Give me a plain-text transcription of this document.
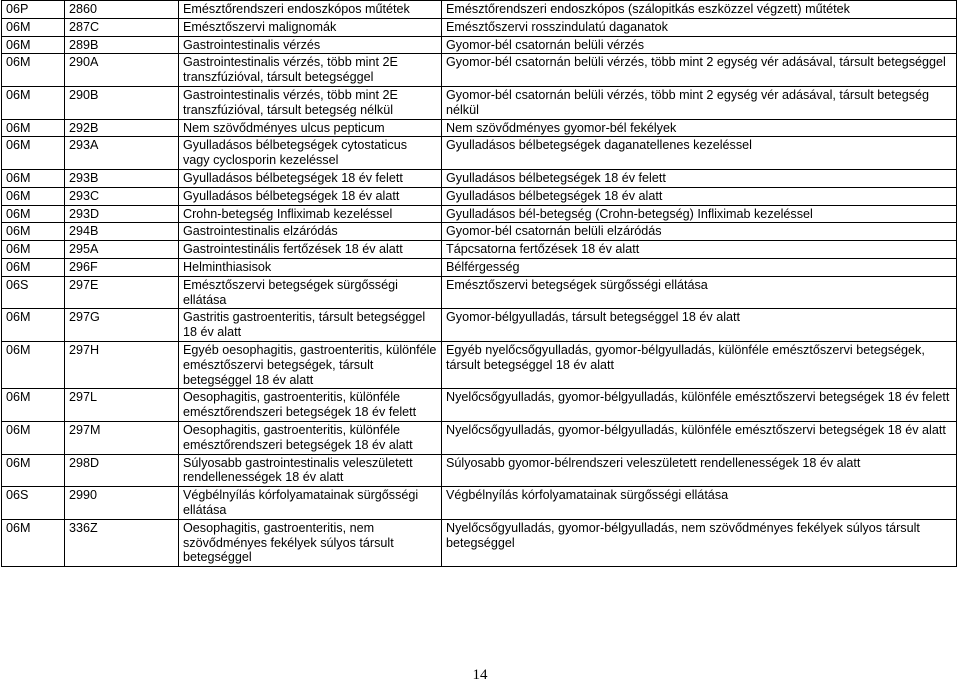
06P	2860	Emésztőrendszeri endoszkópos műtétek	Emésztőrendszeri endoszkópos (szálopitkás eszközzel végzett) műtétek
06M	287C	Emésztőszervi malignomák	Emésztőszervi rosszindulatú daganatok
06M	289B	Gastrointestinalis vérzés	Gyomor-bél csatornán belüli vérzés
06M	290A	Gastrointestinalis vérzés, több mint 2E transzfúzióval, társult betegséggel	Gyomor-bél csatornán belüli vérzés, több mint 2 egység vér adásával, társult betegséggel
06M	290B	Gastrointestinalis vérzés, több mint 2E transzfúzióval, társult betegség nélkül	Gyomor-bél csatornán belüli vérzés, több mint 2 egység vér adásával, társult betegség nélkül
06M	292B	Nem szövődményes ulcus pepticum	Nem szövődményes gyomor-bél fekélyek
06M	293A	Gyulladásos bélbetegségek cytostaticus vagy cyclosporin kezeléssel	Gyulladásos bélbetegségek daganatellenes kezeléssel
06M	293B	Gyulladásos bélbetegségek 18 év felett	Gyulladásos bélbetegségek 18 év felett
06M	293C	Gyulladásos bélbetegségek 18 év alatt	Gyulladásos bélbetegségek 18 év alatt
06M	293D	Crohn-betegség Infliximab kezeléssel	Gyulladásos bél-betegség (Crohn-betegség) Infliximab kezeléssel
06M	294B	Gastrointestinalis elzáródás	Gyomor-bél csatornán belüli elzáródás
06M	295A	Gastrointestinális fertőzések 18 év alatt	Tápcsatorna fertőzések 18 év alatt
06M	296F	Helminthiasisok	Bélférgesség
06S	297E	Emésztőszervi betegségek sürgősségi ellátása	Emésztőszervi betegségek sürgősségi ellátása
06M	297G	Gastritis gastroenteritis, társult betegséggel 18 év alatt	Gyomor-bélgyulladás, társult betegséggel 18 év alatt
06M	297H	Egyéb oesophagitis, gastroenteritis, különféle emésztőszervi betegségek, társult betegséggel 18 év alatt	Egyéb nyelőcsőgyulladás, gyomor-bélgyulladás, különféle emésztőszervi betegségek, társult betegséggel 18 év alatt
06M	297L	Oesophagitis, gastroenteritis, különféle emésztőrendszeri betegségek 18 év felett	Nyelőcsőgyulladás, gyomor-bélgyulladás, különféle emésztőszervi betegségek 18 év felett
06M	297M	Oesophagitis, gastroenteritis, különféle emésztőrendszeri betegségek 18 év alatt	Nyelőcsőgyulladás, gyomor-bélgyulladás, különféle emésztőszervi betegségek 18 év alatt
06M	298D	Súlyosabb gastrointestinalis veleszületett rendellenességek 18 év alatt	Súlyosabb gyomor-bélrendszeri veleszületett rendellenességek 18 év alatt
06S	2990	Végbélnyílás kórfolyamatainak sürgősségi ellátása	Végbélnyílás kórfolyamatainak sürgősségi ellátása
06M	336Z	Oesophagitis, gastroenteritis, nem szövődményes fekélyek súlyos társult betegséggel	Nyelőcsőgyulladás, gyomor-bélgyulladás, nem szövődményes fekélyek súlyos társult betegséggel
14
